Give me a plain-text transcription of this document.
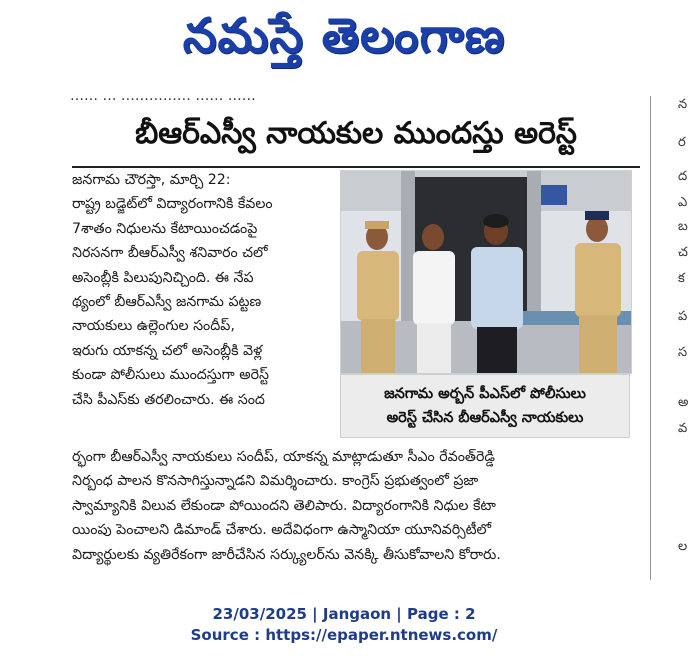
నమస్తే తెలంగాణ
…… … …………… …… ……
బీఆర్‌ఎస్వీ నాయకుల ముందస్తు అరెస్ట్

జనగామ చౌరస్తా, మార్చి 22:

రాష్ట్ర బడ్జెట్‌లో విద్యారంగానికి కేవలం

7శాతం నిధులను కేటాయించడంపై

నిరసనగా బీఆర్‌ఎస్వీ శనివారం చలో

అసెంబ్లీకి పిలుపునిచ్చింది. ఈ నేప

థ్యంలో బీఆర్‌ఎస్వీ జనగామ పట్టణ

నాయకులు ఉల్లెంగుల సందీప్,

ఇరుగు యాకన్న చలో అసెంబ్లీకి వెళ్ల

కుండా పోలీసులు ముందస్తుగా అరెస్ట్

చేసి పీఎస్‌కు తరలించారు. ఈ సంద	జనగామ అర్బన్ పీఎస్‌లో పోలీసులు
అరెస్ట్ చేసిన బీఆర్‌ఎస్వీ నాయకులు

ర్భంగా బీఆర్‌ఎస్వీ నాయకులు సందీప్, యాకన్న మాట్లాడుతూ సీఎం రేవంత్‌రెడ్డి

నిర్బంధ పాలన కొనసాగిస్తున్నాడని విమర్శించారు. కాంగ్రెస్ ప్రభుత్వంలో ప్రజా

స్వామ్యానికి విలువ లేకుండా పోయిందని తెలిపారు. విద్యారంగానికి నిధుల కేటా

యింపు పెంచాలని డిమాండ్ చేశారు. అదేవిధంగా ఉస్మానియా యూనివర్సిటీలో

విద్యార్థులకు వ్యతిరేకంగా జారీచేసిన సర్క్యులర్‌ను వెనక్కి తీసుకోవాలని కోరారు.

న
ర
ద
ఎ
బ
చ
క
ప
స
అ
వ
ల
23/03/2025 | Jangaon | Page : 2
Source : https://epaper.ntnews.com/
